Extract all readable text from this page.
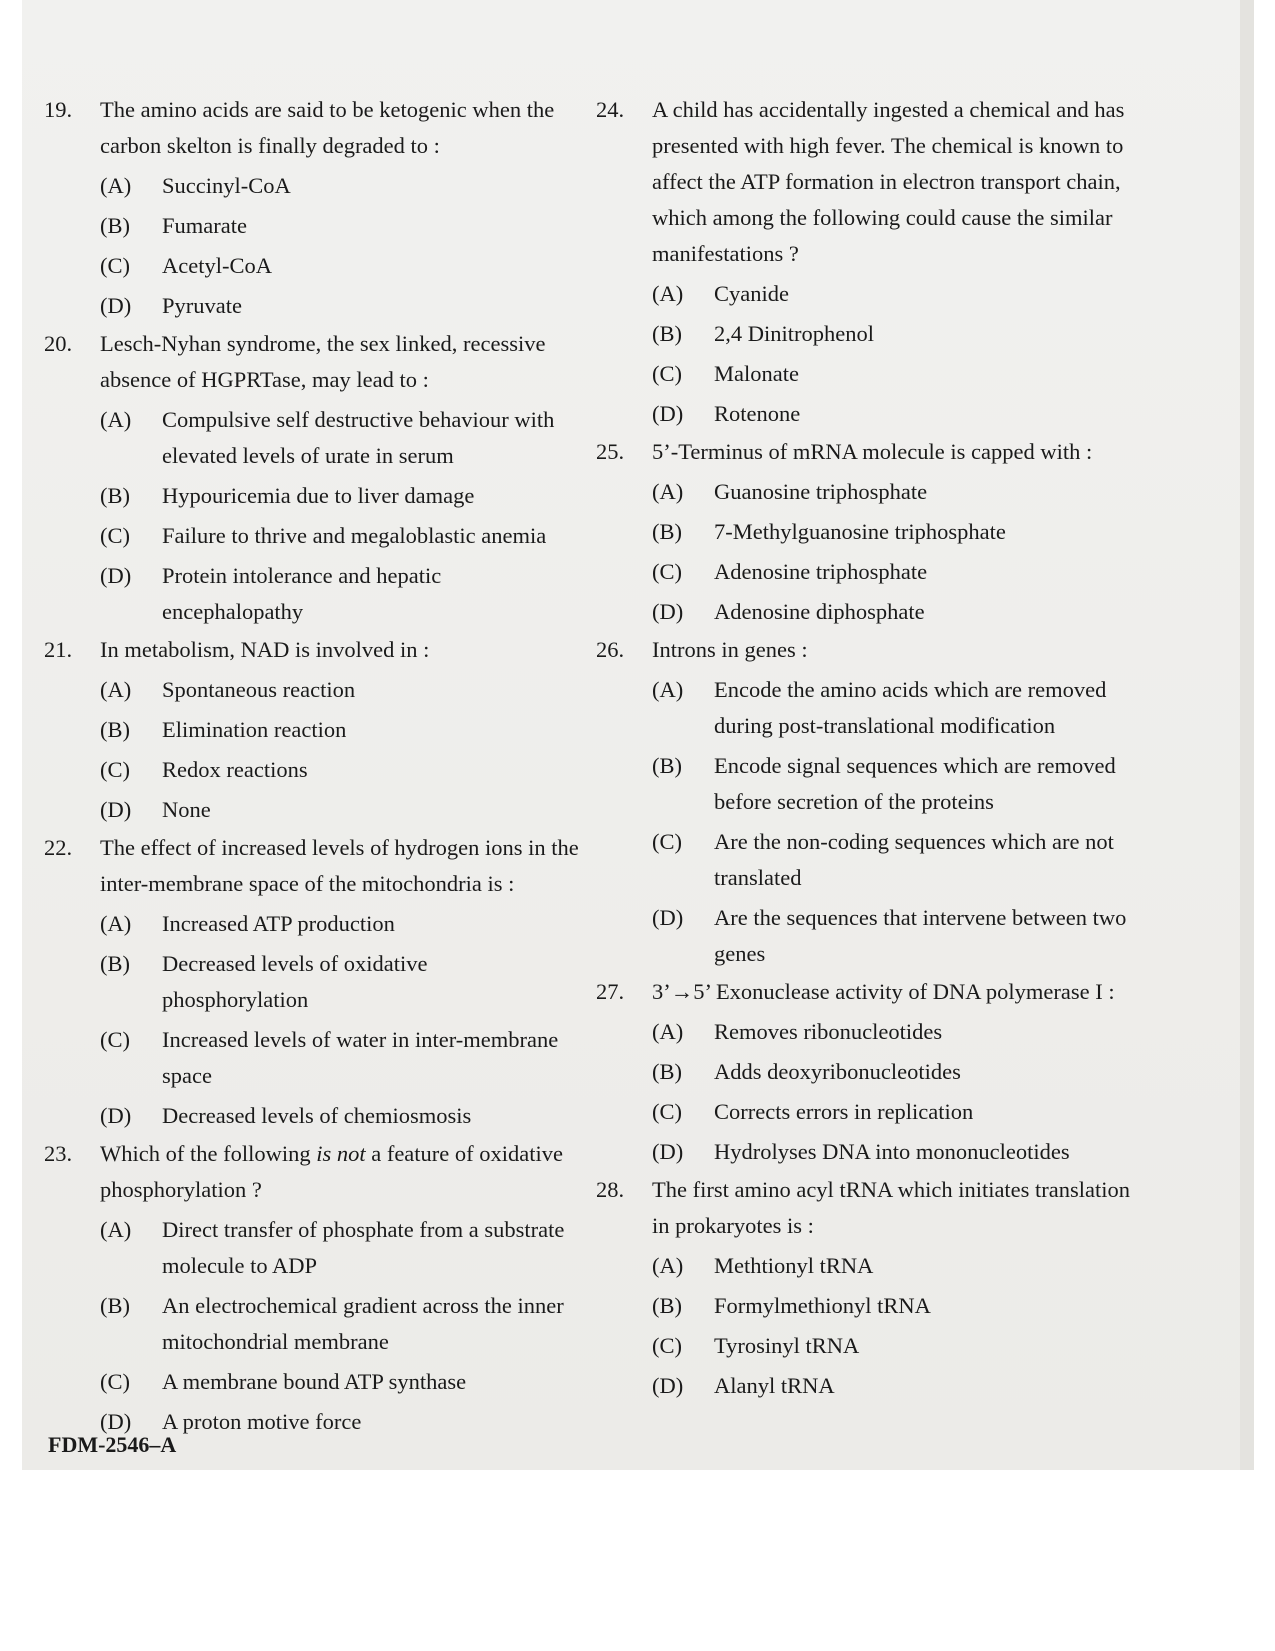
19.	The amino acids are said to be ketogenic when the carbon skelton is finally degraded to :
(A) Succinyl-CoA
(B) Fumarate
(C) Acetyl-CoA
(D) Pyruvate
20.	Lesch-Nyhan syndrome, the sex linked, recessive absence of HGPRTase, may lead to :
(A) Compulsive self destructive behaviour with elevated levels of urate in serum
(B) Hypouricemia due to liver damage
(C) Failure to thrive and megaloblastic anemia
(D) Protein intolerance and hepatic encephalopathy
21.	In metabolism, NAD is involved in :
(A) Spontaneous reaction
(B) Elimination reaction
(C) Redox reactions
(D) None
22.	The effect of increased levels of hydrogen ions in the inter-membrane space of the mitochondria is :
(A) Increased ATP production
(B) Decreased levels of oxidative phosphorylation
(C) Increased levels of water in inter-membrane space
(D) Decreased levels of chemiosmosis
23.	Which of the following is not a feature of oxidative phosphorylation ?
(A) Direct transfer of phosphate from a substrate molecule to ADP
(B) An electrochemical gradient across the inner mitochondrial membrane
(C) A membrane bound ATP synthase
(D) A proton motive force
24.	A child has accidentally ingested a chemical and has presented with high fever. The chemical is known to affect the ATP formation in electron transport chain, which among the following could cause the similar manifestations ?
(A) Cyanide
(B) 2,4 Dinitrophenol
(C) Malonate
(D) Rotenone
25.	5’-Terminus of mRNA molecule is capped with :
(A) Guanosine triphosphate
(B) 7-Methylguanosine triphosphate
(C) Adenosine triphosphate
(D) Adenosine diphosphate
26.	Introns in genes :
(A) Encode the amino acids which are removed during post-translational modification
(B) Encode signal sequences which are removed before secretion of the proteins
(C) Are the non-coding sequences which are not translated
(D) Are the sequences that intervene between two genes
27.	3’→5’ Exonuclease activity of DNA polymerase I :
(A) Removes ribonucleotides
(B) Adds deoxyribonucleotides
(C) Corrects errors in replication
(D) Hydrolyses DNA into mononucleotides
28.	The first amino acyl tRNA which initiates translation in prokaryotes is :
(A) Methtionyl tRNA
(B) Formylmethionyl tRNA
(C) Tyrosinyl tRNA
(D) Alanyl tRNA
FDM-2546–A
